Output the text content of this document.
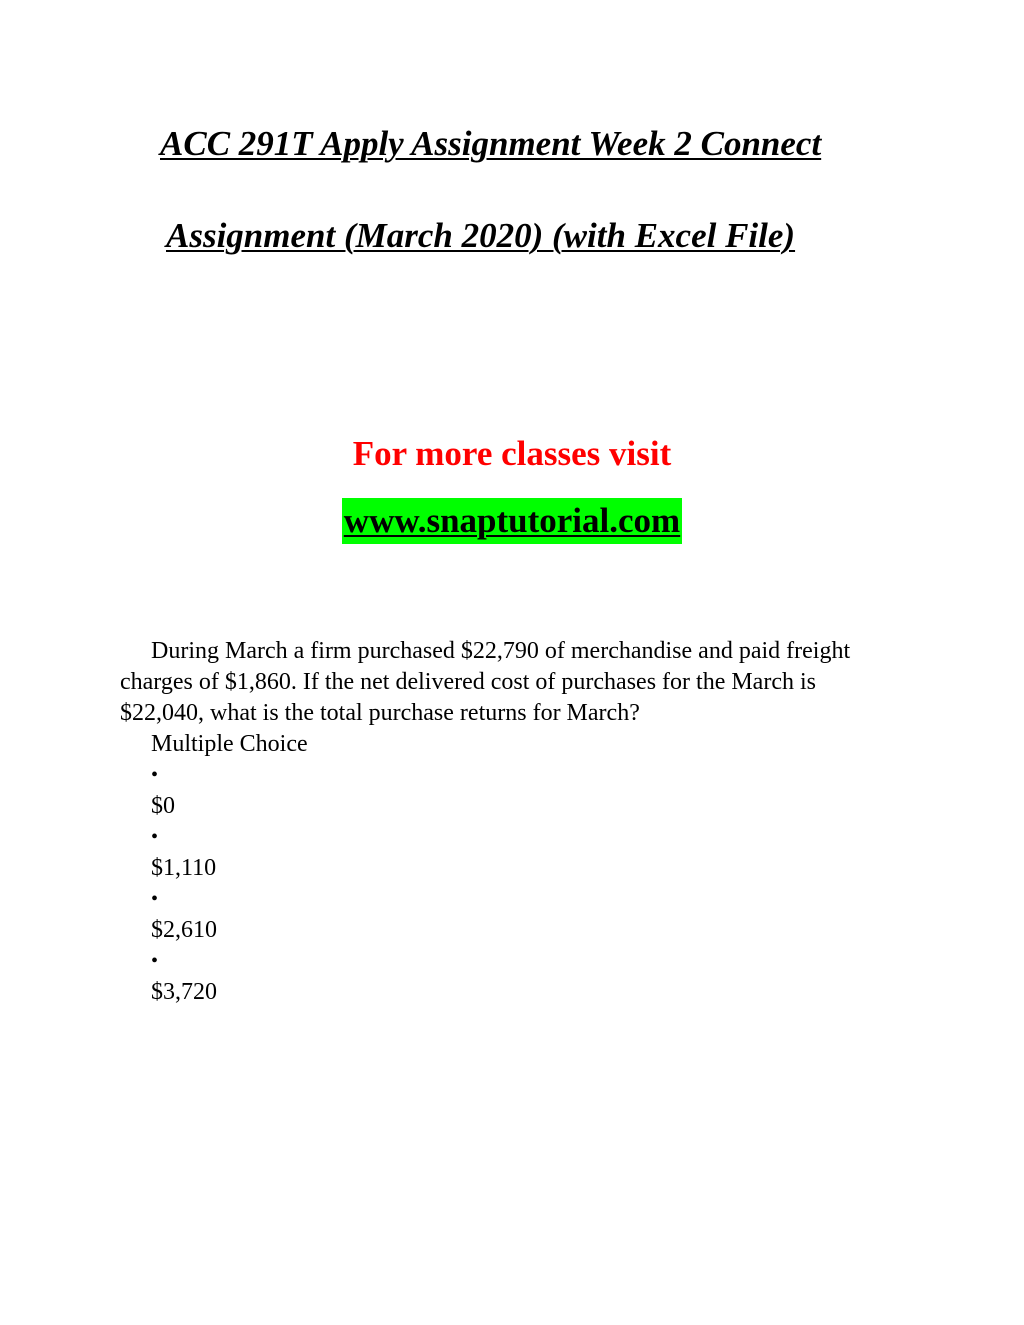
ACC 291T Apply Assignment Week 2 Connect
Assignment (March 2020) (with Excel File)
For more classes visit
www.snaptutorial.com

During March a firm purchased $22,790 of merchandise and paid freight charges of $1,860. If the net delivered cost of purchases for the March is $22,040, what is the total purchase returns for March?

Multiple Choice
•
$0
•
$1,110
•
$2,610
•
$3,720
